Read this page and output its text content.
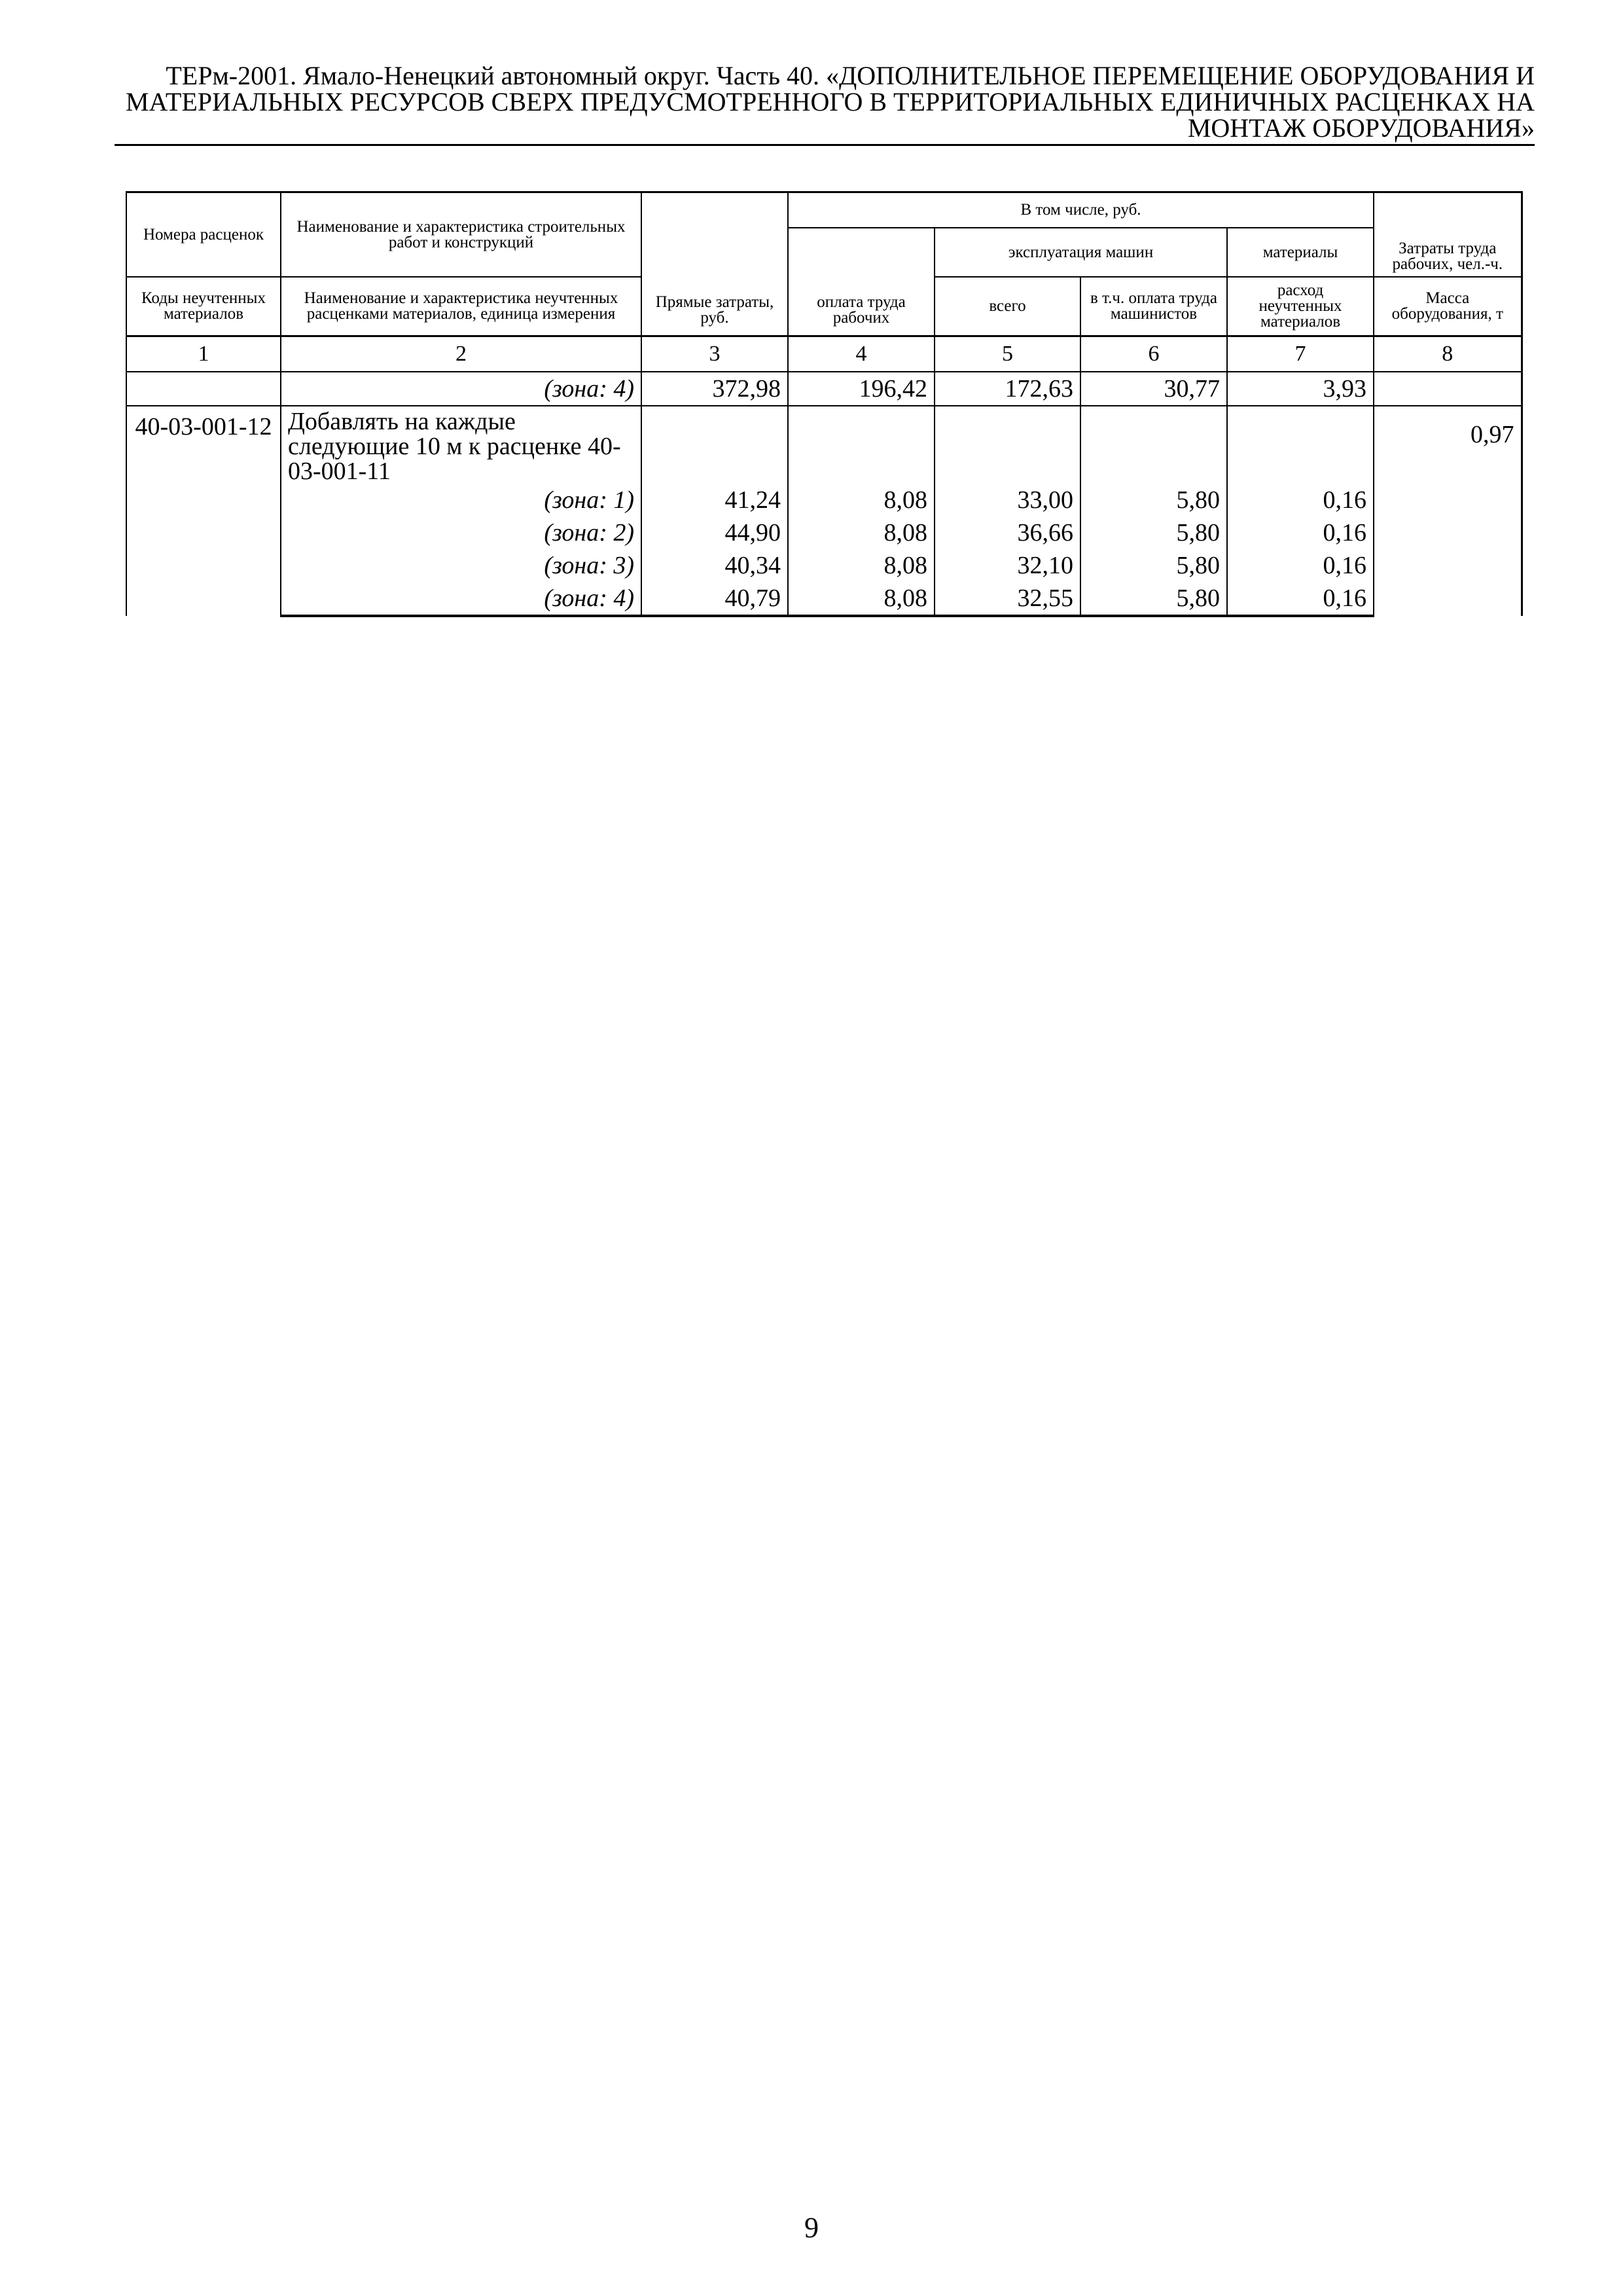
ТЕРм-2001. Ямало-Ненецкий автономный округ. Часть 40. «ДОПОЛНИТЕЛЬНОЕ ПЕРЕМЕЩЕНИЕ ОБОРУДОВАНИЯ И
МАТЕРИАЛЬНЫХ РЕСУРСОВ СВЕРХ ПРЕДУСМОТРЕННОГО В ТЕРРИТОРИАЛЬНЫХ ЕДИНИЧНЫХ РАСЦЕНКАХ НА
МОНТАЖ ОБОРУДОВАНИЯ»
Номера расценок	Наименование и характеристика строительных работ и конструкций	Прямые затраты, руб.	В том числе, руб.				Затраты труда рабочих, чел.-ч.
			оплата труда рабочих	эксплуатация машин		материалы	
Коды неучтенных материалов	Наименование и характеристика неучтенных расценками материалов, единица измерения			всего	в т.ч. оплата труда машинистов	расход неучтенных материалов	Масса оборудования, т
1	2	3	4	5	6	7	8
	(зона: 4)	372,98	196,42	172,63	30,77	3,93	
40-03-001-12	Добавлять на каждые следующие 10 м к расценке 40-03-001-11						0,97
	(зона: 1)	41,24	8,08	33,00	5,80	0,16	
	(зона: 2)	44,90	8,08	36,66	5,80	0,16	
	(зона: 3)	40,34	8,08	32,10	5,80	0,16	
	(зона: 4)	40,79	8,08	32,55	5,80	0,16	
9
